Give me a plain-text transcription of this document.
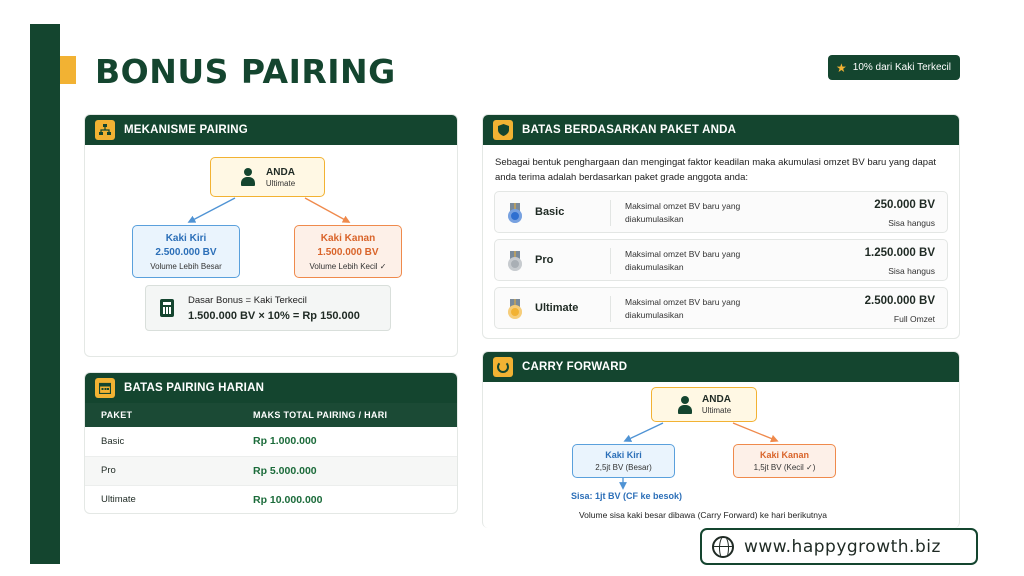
BONUS PAIRING	★ 10% dari Kaki Terkecil
MEKANISME PAIRING
ANDA
Ultimate
Kaki Kiri
2.500.000 BV
Volume Lebih Besar
Kaki Kanan
1.500.000 BV
Volume Lebih Kecil ✓
Dasar Bonus = Kaki Terkecil
1.500.000 BV × 10% = Rp 150.000
BATAS PAIRING HARIAN
PAKET	MAKS TOTAL PAIRING / HARI
Basic	Rp 1.000.000
Pro	Rp 5.000.000
Ultimate	Rp 10.000.000
BATAS BERDASARKAN PAKET ANDA

Sebagai bentuk penghargaan dan mengingat faktor keadilan maka akumulasi omzet BV baru yang dapat anda terima adalah berdasarkan paket grade anggota anda:

Basic	Maksimal omzet BV baru yang diakumulasikan
250.000 BV
Sisa hangus
Pro	Maksimal omzet BV baru yang diakumulasikan
1.250.000 BV
Sisa hangus
Ultimate	Maksimal omzet BV baru yang diakumulasikan
2.500.000 BV
Full Omzet
CARRY FORWARD
ANDA
Ultimate
Kaki Kiri
2,5jt BV (Besar)
Kaki Kanan
1,5jt BV (Kecil ✓)
Sisa: 1jt BV (CF ke besok)
Volume sisa kaki besar dibawa (Carry Forward) ke hari berikutnya
www.happygrowth.biz
